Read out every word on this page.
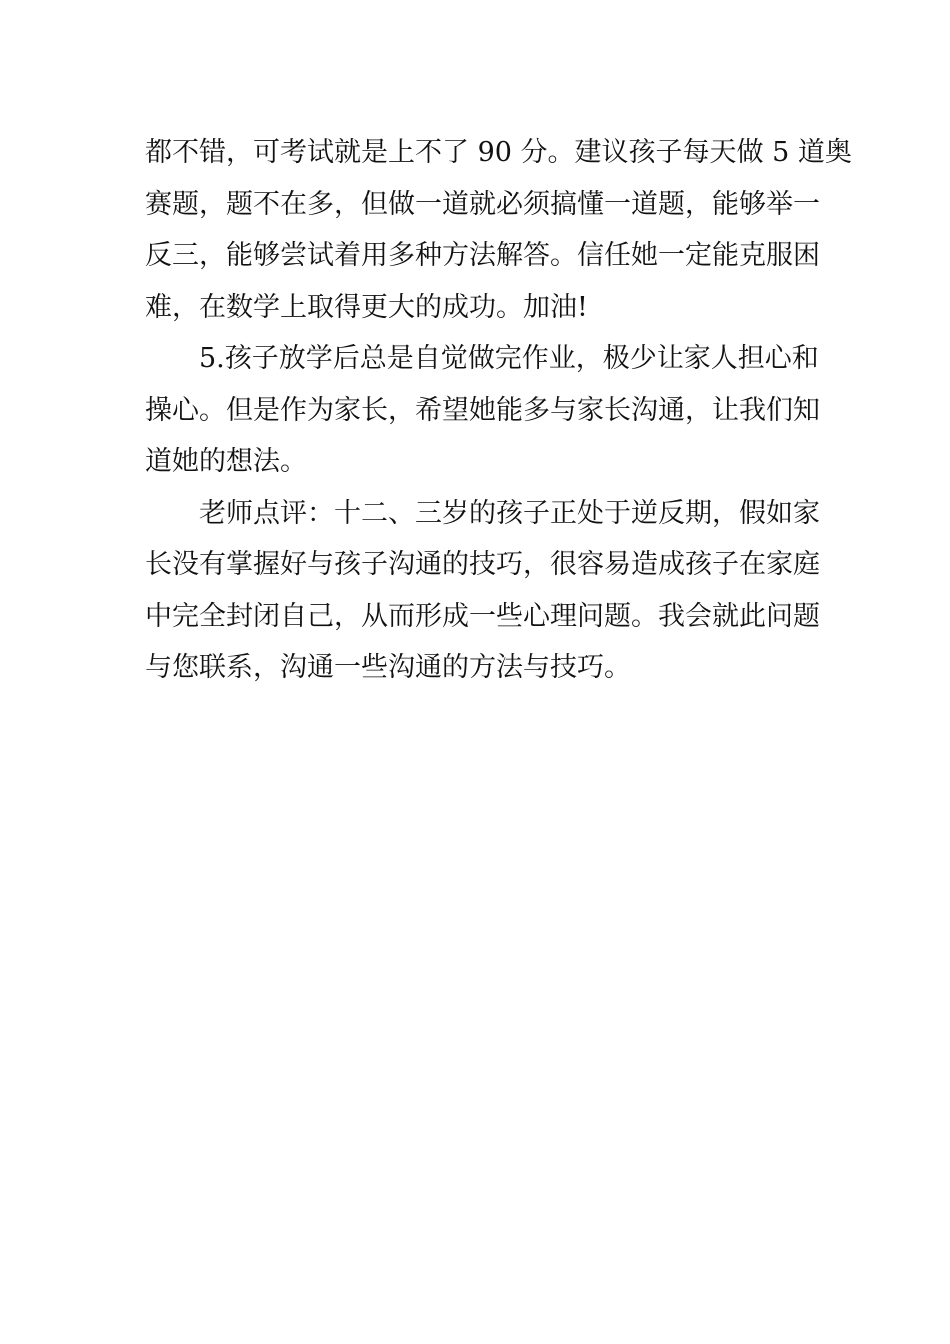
都不错，可考试就是上不了 90 分。建议孩子每天做 5 道奥
赛题，题不在多，但做一道就必须搞懂一道题，能够举一
反三，能够尝试着用多种方法解答。信任她一定能克服困
难，在数学上取得更大的成功。加油!
5.孩子放学后总是自觉做完作业，极少让家人担心和
操心。但是作为家长，希望她能多与家长沟通，让我们知
道她的想法。
老师点评：十二、三岁的孩子正处于逆反期，假如家
长没有掌握好与孩子沟通的技巧，很容易造成孩子在家庭
中完全封闭自己，从而形成一些心理问题。我会就此问题
与您联系，沟通一些沟通的方法与技巧。
